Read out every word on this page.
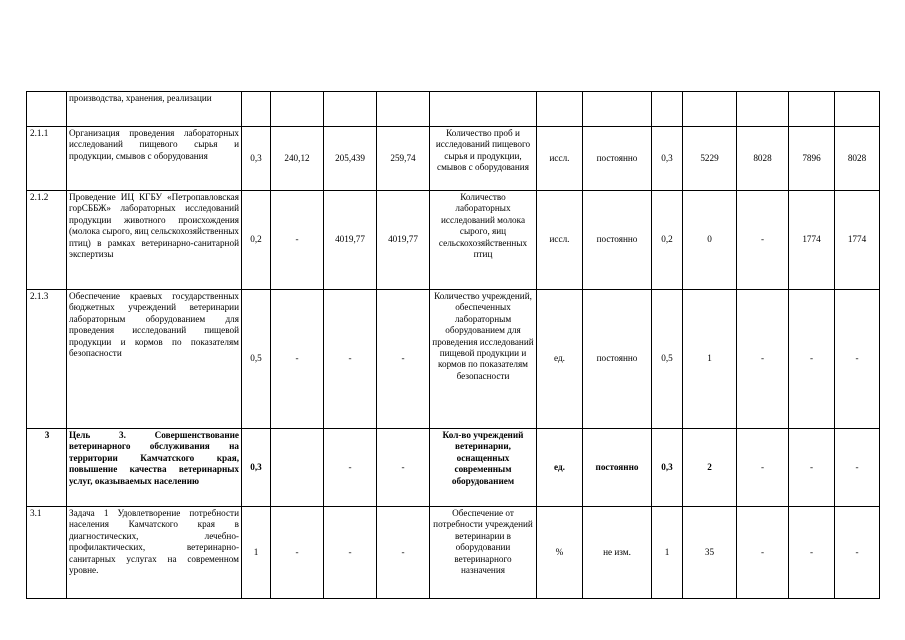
	производства, хранения, реализации												
2.1.1	Организация проведения лабораторных исследований пищевого сырья и продукции, смывов с оборудования	0,3	240,12	205,439	259,74	Количество проб и исследований пищевого сырья и продукции, смывов с оборудования	иссл.	постоянно	0,3	5229	8028	7896	8028
2.1.2	Проведение ИЦ КГБУ «Петропавловская горСББЖ» лабораторных исследований продукции животного происхождения (молока сырого, яиц сельскохозяйственных птиц) в рамках ветеринарно-санитарной экспертизы	0,2	-	4019,77	4019,77	Количество лабораторных исследований молока сырого, яиц сельскохозяйственных птиц	иссл.	постоянно	0,2	0	-	1774	1774
2.1.3	Обеспечение краевых государственных бюджетных учреждений ветеринарии лабораторным оборудованием для проведения исследований пищевой продукции и кормов по показателям безопасности	0,5	-	-	-	Количество учреждений, обеспеченных лабораторным оборудованием для проведения исследований пищевой продукции и кормов по показателям безопасности	ед.	постоянно	0,5	1	-	-	-
3	Цель 3. Совершенствование ветеринарного обслуживания на территории Камчатского края, повышение качества ветеринарных услуг, оказываемых населению	0,3		-	-	Кол-во учреждений ветеринарии, оснащенных современным оборудованием	ед.	постоянно	0,3	2	-	-	-
3.1	Задача 1 Удовлетворение потребности населения Камчатского края в диагностических, лечебно-профилактических, ветеринарно-санитарных услугах на современном уровне.	1	-	-	-	Обеспечение от потребности учреждений ветеринарии в оборудовании ветеринарного назначения	%	не изм.	1	35	-	-	-
